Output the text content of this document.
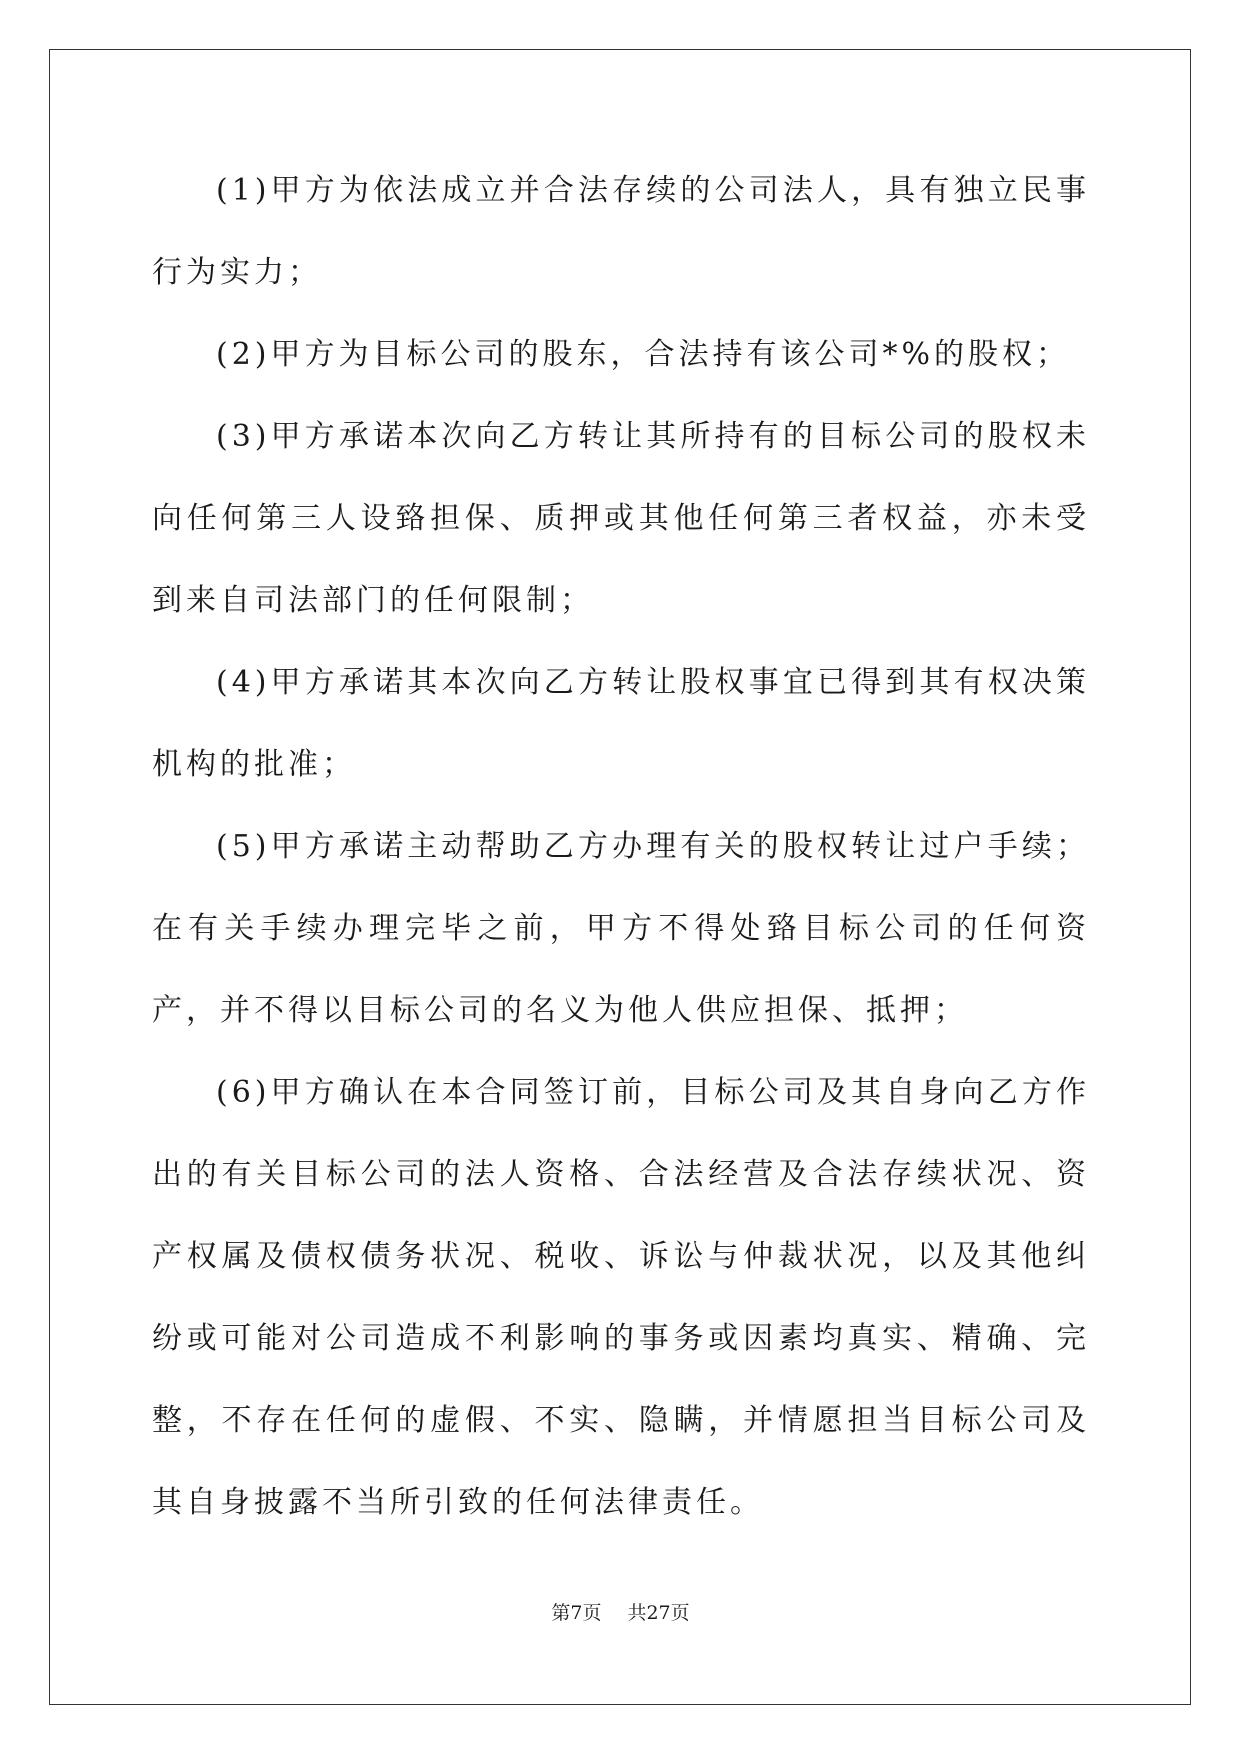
(1)甲方为依法成立并合法存续的公司法人，具有独立民事行为实力；

(2)甲方为目标公司的股东，合法持有该公司*%的股权；

(3)甲方承诺本次向乙方转让其所持有的目标公司的股权未向任何第三人设臵担保、质押或其他任何第三者权益，亦未受到来自司法部门的任何限制；

(4)甲方承诺其本次向乙方转让股权事宜已得到其有权决策机构的批准；

(5)甲方承诺主动帮助乙方办理有关的股权转让过户手续；在有关手续办理完毕之前，甲方不得处臵目标公司的任何资产，并不得以目标公司的名义为他人供应担保、抵押；

(6)甲方确认在本合同签订前，目标公司及其自身向乙方作出的有关目标公司的法人资格、合法经营及合法存续状况、资产权属及债权债务状况、税收、诉讼与仲裁状况，以及其他纠纷或可能对公司造成不利影响的事务或因素均真实、精确、完整，不存在任何的虚假、不实、隐瞒，并情愿担当目标公司及其自身披露不当所引致的任何法律责任。

第7页 共27页
